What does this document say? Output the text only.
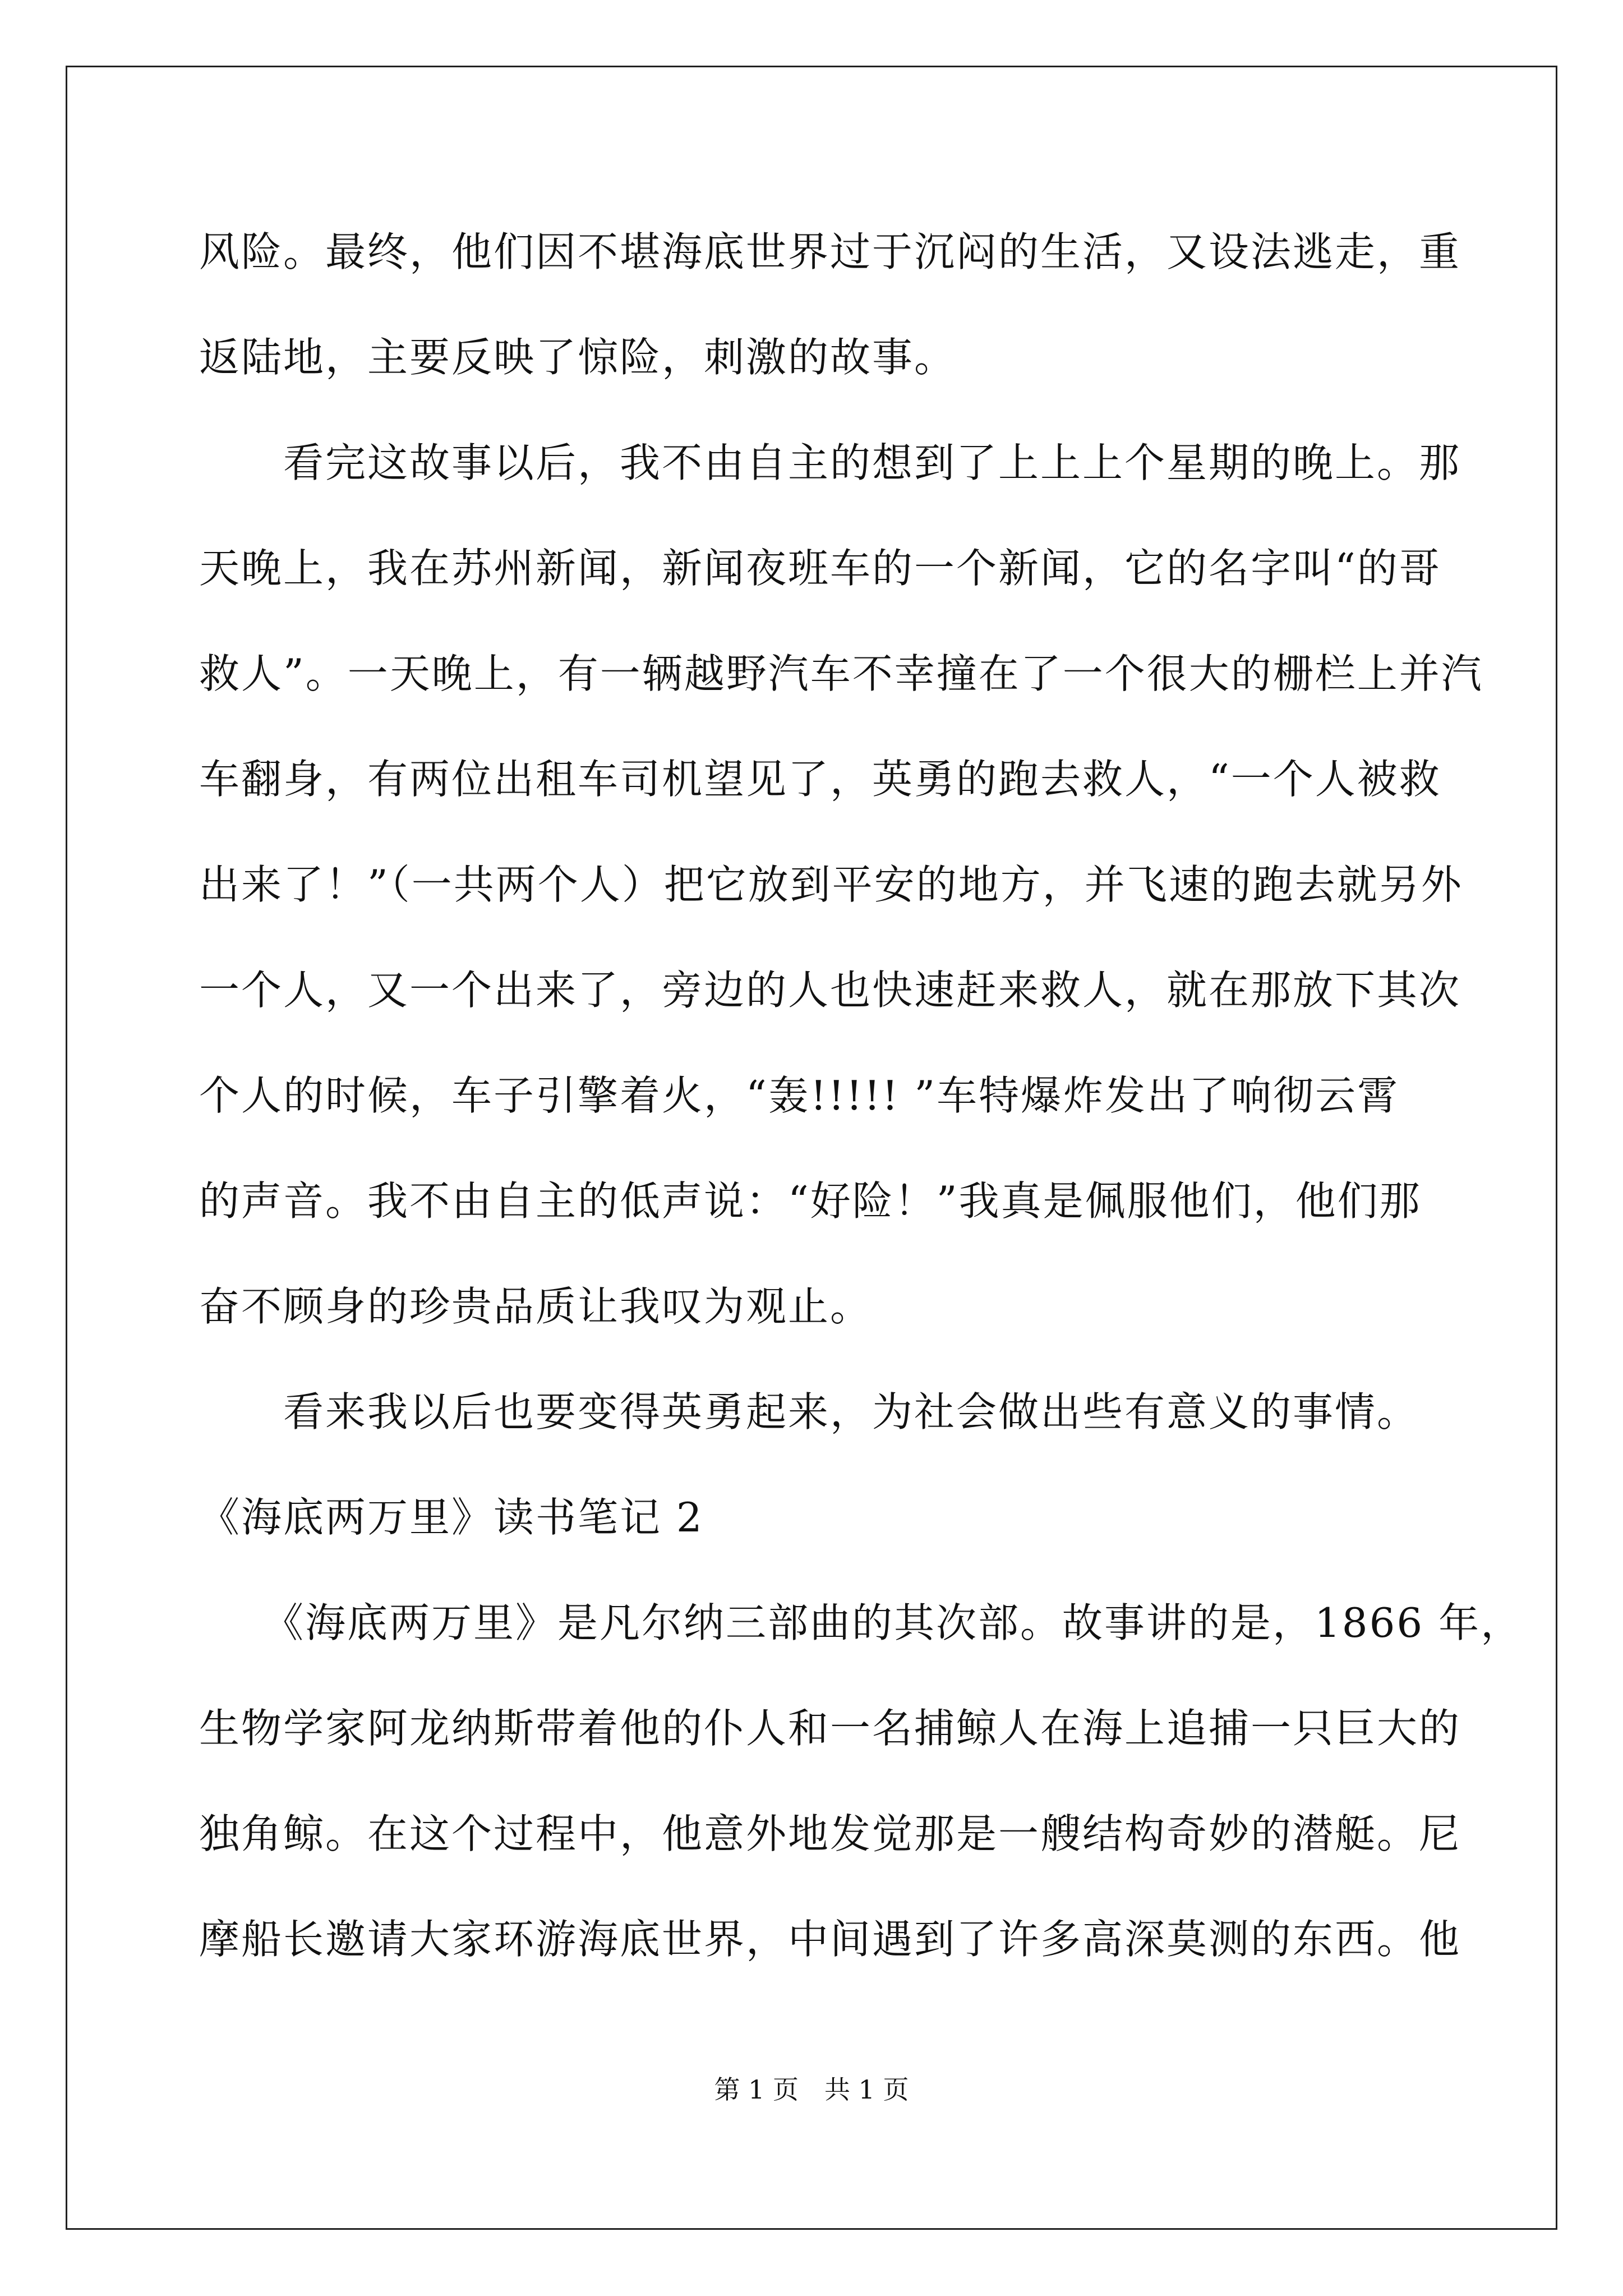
风险。最终，他们因不堪海底世界过于沉闷的生活，又设法逃走，重
返陆地，主要反映了惊险，刺激的故事。
　　看完这故事以后，我不由自主的想到了上上上个星期的晚上。那
天晚上，我在苏州新闻，新闻夜班车的一个新闻，它的名字叫“的哥
救人”。一天晚上，有一辆越野汽车不幸撞在了一个很大的栅栏上并汽
车翻身，有两位出租车司机望见了，英勇的跑去救人，“一个人被救
出来了！”（一共两个人）把它放到平安的地方，并飞速的跑去就另外
一个人，又一个出来了，旁边的人也快速赶来救人，就在那放下其次
个人的时候，车子引擎着火，“轰!!!!! ”车特爆炸发出了响彻云霄
的声音。我不由自主的低声说：“好险！”我真是佩服他们，他们那
奋不顾身的珍贵品质让我叹为观止。
　　看来我以后也要变得英勇起来，为社会做出些有意义的事情。
《海底两万里》读书笔记 2
　　《海底两万里》是凡尔纳三部曲的其次部。故事讲的是，1866 年，
生物学家阿龙纳斯带着他的仆人和一名捕鲸人在海上追捕一只巨大的
独角鲸。在这个过程中，他意外地发觉那是一艘结构奇妙的潜艇。尼
摩船长邀请大家环游海底世界，中间遇到了许多高深莫测的东西。他
第 1 页　共 1 页
